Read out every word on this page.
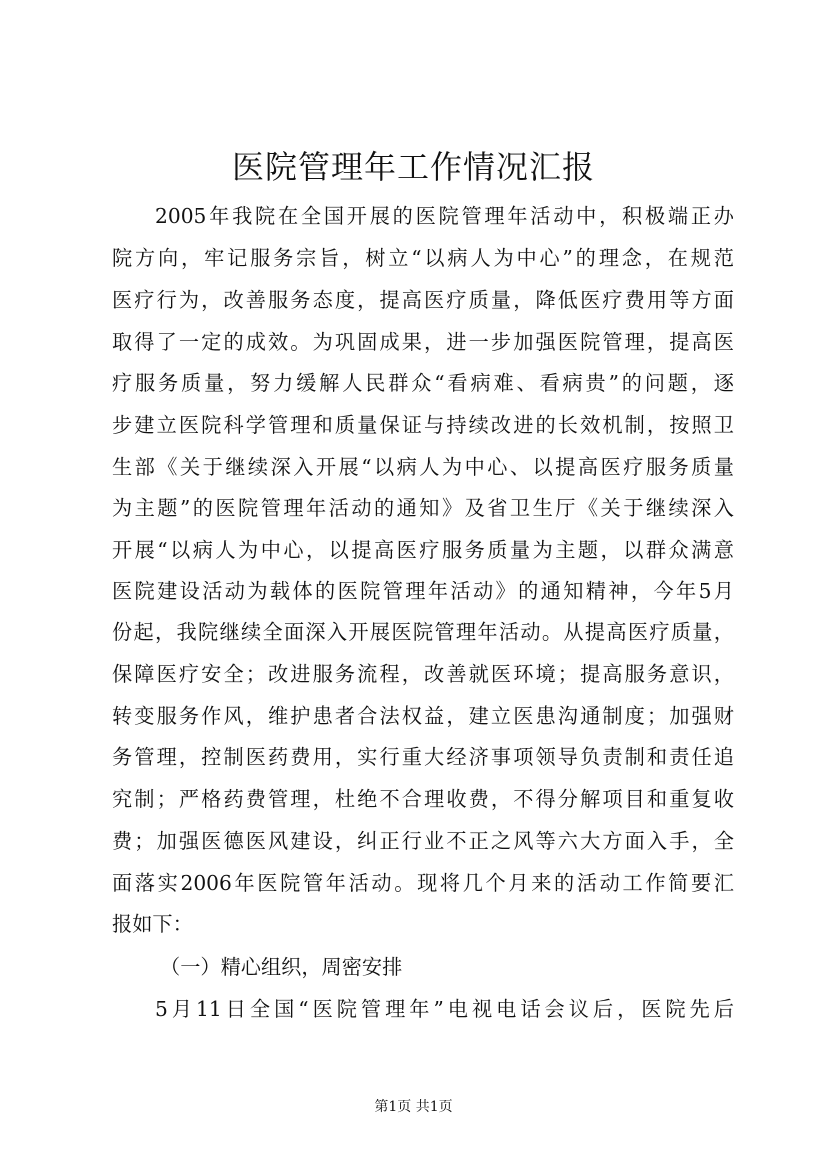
医院管理年工作情况汇报

2005年我院在全国开展的医院管理年活动中，积极端正办

院方向，牢记服务宗旨，树立“以病人为中心”的理念，在规范

医疗行为，改善服务态度，提高医疗质量，降低医疗费用等方面

取得了一定的成效。为巩固成果，进一步加强医院管理，提高医

疗服务质量，努力缓解人民群众“看病难、看病贵”的问题，逐

步建立医院科学管理和质量保证与持续改进的长效机制，按照卫

生部《关于继续深入开展“以病人为中心、以提高医疗服务质量

为主题”的医院管理年活动的通知》及省卫生厅《关于继续深入

开展“以病人为中心，以提高医疗服务质量为主题，以群众满意

医院建设活动为载体的医院管理年活动》的通知精神，今年5月

份起，我院继续全面深入开展医院管理年活动。从提高医疗质量，

保障医疗安全；改进服务流程，改善就医环境；提高服务意识，

转变服务作风，维护患者合法权益，建立医患沟通制度；加强财

务管理，控制医药费用，实行重大经济事项领导负责制和责任追

究制；严格药费管理，杜绝不合理收费，不得分解项目和重复收

费；加强医德医风建设，纠正行业不正之风等六大方面入手，全

面落实2006年医院管年活动。现将几个月来的活动工作简要汇

报如下：

（一）精心组织，周密安排

5月11日全国“医院管理年”电视电话会议后，医院先后

第1页 共1页
